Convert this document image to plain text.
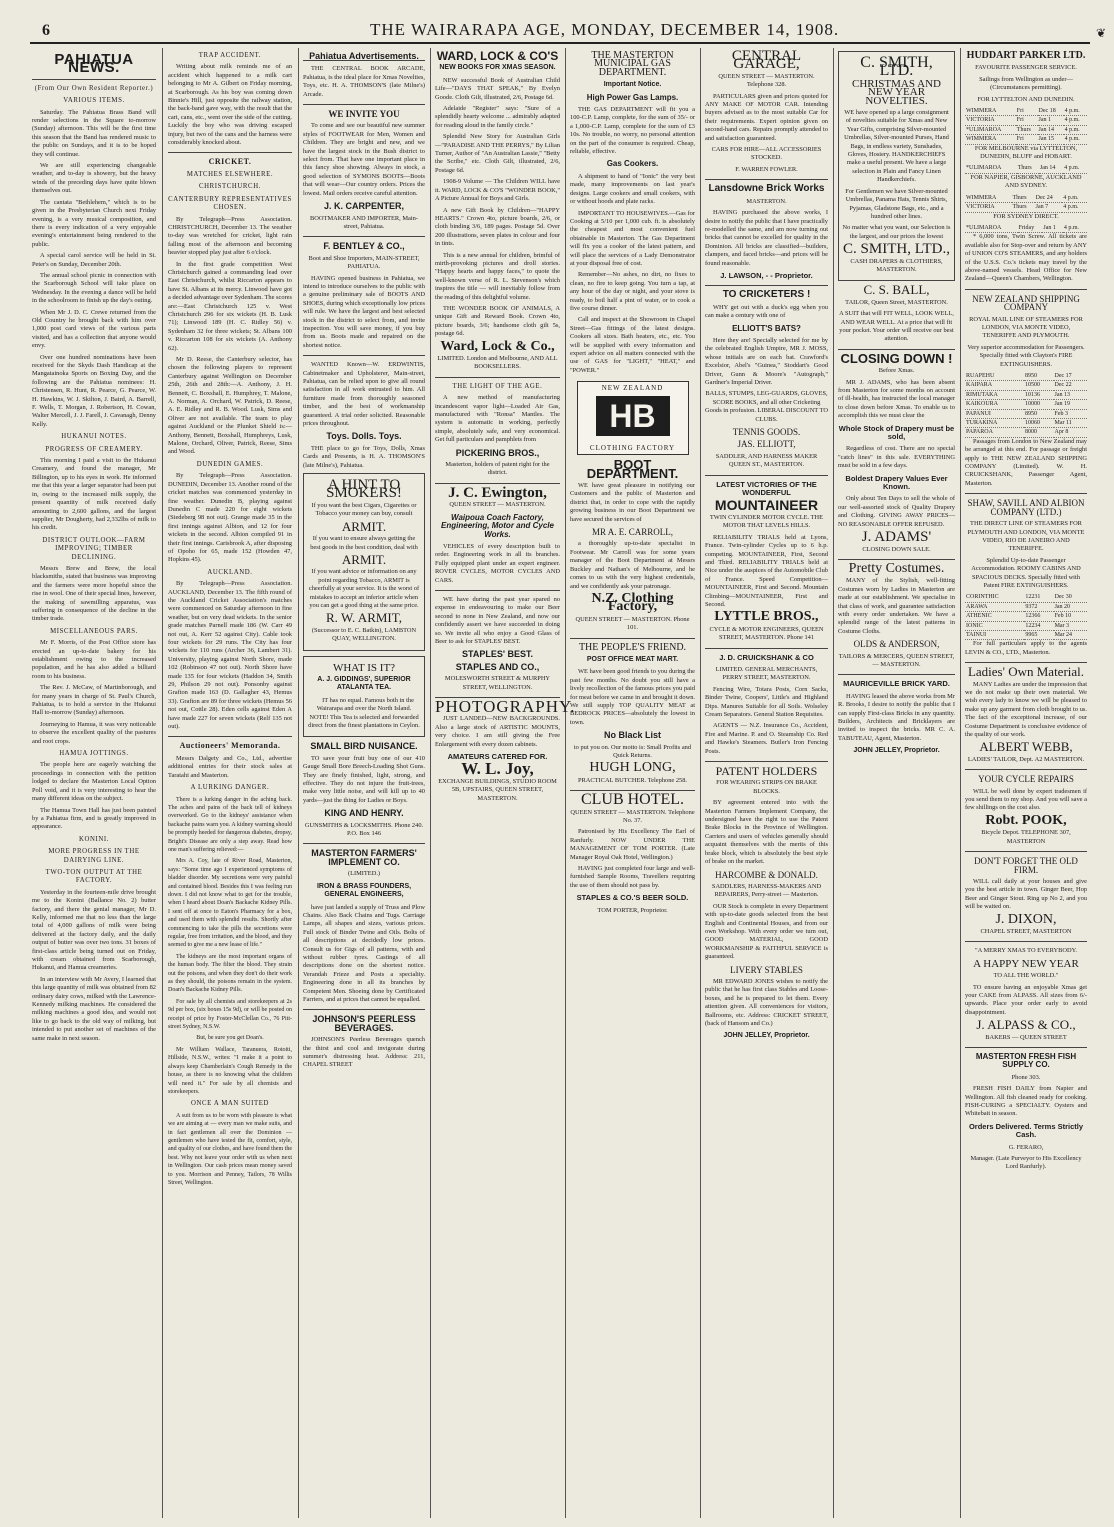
6	THE WAIRARAPA AGE, MONDAY, DECEMBER 14, 1908.	❦
PAHIATUA NEWS.
(From Our Own Resident Reporter.)
VARIOUS ITEMS.

Saturday. The Pahiatua Brass Band will render selections in the Square to-morrow (Sunday) afternoon. This will be the first time this season that the Band has rendered music to the public on Sundays, and it is to be hoped they will continue.

We are still experiencing changeable weather, and to-day is showery, but the heavy winds of the preceding days have quite blown themselves out.

The cantata "Bethlehem," which is to be given in the Presbyterian Church next Friday evening, is a very musical composition, and there is every indication of a very enjoyable evening's entertainment being rendered to the public.

A special carol service will be held in St. Peter's on Sunday, December 20th.

The annual school picnic in connection with the Scarborough School will take place on Wednesday. In the evening a dance will be held in the schoolroom to finish up the day's outing.

When Mr J. D. C. Crewe returned from the Old Country he brought back with him over 1,000 post card views of the various parts visited, and has a collection that anyone would envy.

Over one hundred nominations have been received for the Skyds Dash Handicap at the Mangatainoka Sports on Boxing Day, and the following are the Pahiatua nominees: H. Christensen, R. Hunt, R. Pearce, G. Pearce, W. H. Hawkins, W. J. Skilton, J. Baird, A. Barrell, F. Wells, T. Morgan, J. Robertson, H. Cowan, Walter Mercell, J. J. Farell, J. Cavanagh, Denny Kelly.

HUKANUI NOTES.
PROGRESS OF CREAMERY.

This morning I paid a visit to the Hukanui Creamery, and found the manager, Mr Billington, up to his eyes in work. He informed me that this year a larger separator had been put in, owing to the increased milk supply, the present quantity of milk received daily amounting to 2,600 gallons, and the largest supplier, Mr Dougherty, had 2,332lbs of milk to his credit.

DISTRICT OUTLOOK—FARM IMPROVING; TIMBER DECLINING.

Messrs Brew and Brew, the local blacksmiths, stated that business was improving and the farmers were more hopeful since the rise in wool. One of their special lines, however, the making of sawmilling apparatus, was suffering in consequence of the decline in the timber trade.

MISCELLANEOUS PARS.

Mr F. Morris, of the Post Office store has erected an up-to-date bakery for his establishment owing to the increased population, and he has also added a billiard room to his business.

The Rev. J. McCaw, of Martinborough, and for many years in charge of St. Paul's Church, Pahiatua, is to hold a service in the Hukanui Hall to-morrow (Sunday) afternoon.

Journeying to Hamua, it was very noticeable to observe the excellent quality of the pastures and root crops.

HAMUA JOTTINGS.

The people here are eagerly watching the proceedings in connection with the petition lodged to declare the Masterton Local Option Poll void, and it is very interesting to hear the many different ideas on the subject.

The Hamua Town Hall has just been painted by a Pahiatua firm, and is greatly improved in appearance.

KONINI.
MORE PROGRESS IN THE DAIRYING LINE.
TWO-TON OUTPUT AT THE FACTORY.

Yesterday in the fourteen-mile drive brought me to the Konini (Ballance No. 2) butter factory, and there the genial manager, Mr D. Kelly, informed me that no less than the large total of 4,000 gallons of milk were being delivered at the factory daily, and the daily output of butter was over two tons. 31 boxes of first-class article being turned out on Friday, with cream obtained from Scarborough, Hukanui, and Hamua creameries.

In an interview with Mr Avery, I learned that this large quantity of milk was obtained from 82 ordinary dairy cows, milked with the Lawrence-Kennedy milking machines. He considered the milking machines a good idea, and would not like to go back to the old way of milking, but intended to put another set of machines of the same make in next season.

TRAP ACCIDENT.

Writing about milk reminds me of an accident which happened to a milk cart belonging to Mr A. Gilbert on Friday morning, at Scarborough. As his boy was coming down Binnie's Hill, just opposite the railway station, the back-band gave way, with the result that the cart, cans, etc., went over the side of the cutting. Luckily the boy who was driving escaped injury, but two of the cans and the harness were considerably knocked about.

CRICKET.
MATCHES ELSEWHERE.
CHRISTCHURCH.
CANTERBURY REPRESENTATIVES CHOSEN.

By Telegraph—Press Association. CHRISTCHURCH, December 13. The weather to-day was wretched for cricket, light rain falling most of the afternoon and becoming heavier stopped play just after 6 o'clock.

In the first grade competition West Christchurch gained a commanding lead over East Christchurch, whilst Riccarton appears to have St. Albans at its mercy. Linwood have got a decided advantage over Sydenham. The scores are:—East Christchurch 125 v. West Christchurch 296 for six wickets (H. B. Lusk 71); Linwood 189 (H. C. Ridley 56) v. Sydenham 32 for three wickets; St. Albans 100 v. Riccarton 108 for six wickets (A. Anthony 62).

Mr D. Reese, the Canterbury selector, has chosen the following players to represent Canterbury against Wellington on December 25th, 26th and 28th:—A. Anthony, J. H. Bennett, C. Boxshall, E. Humphrey, T. Malone, A. Norman, A. Orchard, W. Patrick, D. Reese, A. E. Ridley and R. B. Wood. Lusk, Sims and Oliver are not available. The team to play against Auckland or the Plunket Shield is:—Anthony, Bennett, Boxshall, Humphreys, Lusk, Malone, Orchard, Oliver, Patrick, Reese, Sims and Wood.

DUNEDIN GAMES.

By Telegraph—Press Association. DUNEDIN, December 13. Another round of the cricket matches was commenced yesterday in fine weather. Dunedin B, playing against Dunedin C made 220 for eight wickets (Siedeberg 98 not out). Grange made 35 in the first innings against Albion, and 12 for four wickets in the second. Albion compiled 91 in their first innings. Carisbrook A, after disposing of Opoho for 65, made 152 (Howden 47, Hopkins 45).

AUCKLAND.

By Telegraph—Press Association. AUCKLAND, December 13. The fifth round of the Auckland Cricket Association's matches were commenced on Saturday afternoon in fine weather, but on very dead wickets. In the senior grade matches Parnell made 186 (W. Carr 49 not out, A. Kerr 52 against City). Cable took four wickets for 29 runs. The City has four wickets for 110 runs (Archer 36, Lambert 31). University, playing against North Shore, made 102 (Robinson 47 not out). North Shore have made 135 for four wickets (Haddon 34, Smith 29, Philson 29 not out). Ponsonby against Grafton made 163 (D. Gallagher 43, Hemus 33). Grafton are 89 for three wickets (Hemus 56 not out, Cottle 28). Eden cells against Eden A have made 227 for seven wickets (Relf 135 not out).

Auctioneers' Memoranda.

Messrs Dalgety and Co., Ltd., advertise additional entries for their stock sales at Taratahi and Masterton.

A LURKING DANGER.

There is a lurking danger in the aching back. The aches and pains of the back tell of kidneys overworked. Go to the kidneys' assistance when backache pains warn you. A kidney warning should be promptly heeded for dangerous diabetes, dropsy, Bright's Disease are only a step away. Read how one man's suffering relieved:—

Mrs A. Coy, late of River Road, Masterton, says: "Some time ago I experienced symptoms of bladder disorder. My secretions were very painful and contained blood. Besides this I was feeling run down. I did not know what to get for the trouble, when I heard about Doan's Backache Kidney Pills. I sent off at once to Eaton's Pharmacy for a box, and used them with splendid results. Shortly after commencing to take the pills the secretions were regular, free from irritation, and the blood, and they seemed to give me a new lease of life."

The kidneys are the most important organs of the human body. The filter the blood. They strain out the poisons, and when they don't do their work as they should, the poisons remain in the system. Doan's Backache Kidney Pills.

For sale by all chemists and storekeepers at 2s 9d per box, (six boxes 15s 9d), or will be posted on receipt of price by Foster-McClellan Co., 76 Pitt-street Sydney, N.S.W.

But, be sure you get Doan's.

Mr William Wallace, Taranuera, Rotoiti, Hillside, N.S.W., writes: "I make it a point to always keep Chamberlain's Cough Remedy in the house, as there is no knowing what the children will need it." For sale by all chemists and storekeepers.

ONCE A MAN SUITED

A suit from us to be worn with pleasure is what we are aiming at — every man we make suits, and in fact gentlemen all over the Dominion — gentlemen who have tested the fit, comfort, style, and quality of our clothes, and have found them the best. Why not leave your order with us when next in Wellington. Our cash prices mean money saved to you. Morrison and Penney, Tailors, 78 Willis Street, Wellington.

Pahiatua Advertisements.

THE CENTRAL BOOK ARCADE, Pahiatua, is the ideal place for Xmas Novelties, Toys, etc. H. A. THOMSON'S (late Milne's) Arcade.

WE INVITE YOU

To come and see our beautiful new summer styles of FOOTWEAR for Men, Women and Children. They are bright and new, and we have the largest stock in the Bush district to select from. That have one important place in this fancy shoe showing. Always in stock, a good selection of SYMONS BOOTS—Boots that will wear—Our country orders. Prices the lowest. Mail orders receive careful attention.

J. K. CARPENTER,

BOOTMAKER AND IMPORTER, Main-street, Pahiatua.

F. BENTLEY & CO.,

Boot and Shoe Importers, MAIN-STREET, PAHIATUA.

HAVING opened business in Pahiatua, we intend to introduce ourselves to the public with a genuine preliminary sale of BOOTS AND SHOES, during which exceptionally low prices will rule. We have the largest and best selected stock in the district to select from, and invite inspection. You will save money, if you buy from us. Boots made and repaired on the shortest notice.

WANTED Known—W. ERDWINTIS, Cabinetmaker and Upholsterer, Main-street, Pahiatua, can be relied upon to give all round satisfaction in all work entrusted to him. All furniture made from thoroughly seasoned timber, and the best of workmanship guaranteed. A trial order solicited. Reasonable prices throughout.

Toys. Dolls. Toys.

THE place to go for Toys, Dolls, Xmas Cards and Presents, is H. A. THOMSON'S (late Milne's), Pahiatua.

A HINT TO SMOKERS!

If you want the best Cigars, Cigarettes or Tobacco your money can buy, consult

ARMIT.

If you want to ensure always getting the best goods in the best condition, deal with

ARMIT.

If you want advice or information on any point regarding Tobacco, ARMIT is cheerfully at your service. It is the worst of mistakes to accept an inferior article when you can get a good thing at the same price.

R. W. ARMIT,

(Successor to E. C. Batkin), LAMBTON QUAY, WELLINGTON.

WHAT IS IT?
A. J. GIDDINGS', SUPERIOR ATALANTA TEA.

IT has no equal. Famous both in the Wairarapa and over the North Island. NOTE! This Tea is selected and forwarded direct from the finest plantations in Ceylon.

SMALL BIRD NUISANCE.

TO save your fruit buy one of our 410 Gauge Small Bore Breech-Loading Shot Guns. They are finely finished, light, strong, and effective. They do not injure the fruit-trees, make very little noise, and will kill up to 40 yards—just the thing for Ladies or Boys.

KING AND HENRY.

GUNSMITHS & LOCKSMITHS. Phone 240. P.O. Box 146

MASTERTON FARMERS' IMPLEMENT CO.

(LIMITED.)

IRON & BRASS FOUNDERS, GENERAL ENGINEERS,

have just landed a supply of Truss and Plow Chains. Also Back Chains and Tugs. Carriage Lamps, all shapes and sizes, various prices. Full stock of Binder Twine and Oils. Bolts of all descriptions at decidedly low prices. Consult us for Gigs of all patterns, with and without rubber tyres. Castings of all descriptions done on the shortest notice. Verandah Frieze and Posts a speciality. Engineering done in all its branches by Competent Men. Shoeing done by Certificated Farriers, and at prices that cannot be equalled.

JOHNSON'S PEERLESS BEVERAGES.

JOHNSON'S Peerless Beverages quench the thirst and cool and invigorate during summer's distressing heat. Address: 211, CHAPEL STREET

WARD, LOCK & CO'S
NEW BOOKS FOR XMAS SEASON.

NEW successful Book of Australian Child Life—"DAYS THAT SPEAK," By Evelyn Goode. Cloth Gilt, illustrated, 2/6, Postage 6d.

Adelaide "Register" says: "Sure of a splendidly hearty welcome ... admirably adapted for reading aloud in the family circle."

Splendid New Story for Australian Girls—"PARADISE AND THE PERRYS," By Lilian Turner, Author of "An Australian Lassie," "Betty the Scribe," etc. Cloth Gilt, illustrated, 2/6, Postage 6d.

1908-9 Volume — The Children WILL have it. WARD, LOCK & CO'S "WONDER BOOK," A Picture Annual for Boys and Girls.

A new Gift Book by Children—"HAPPY HEARTS." Crown 4to, picture boards, 2/6, or cloth binding 3/6, 189 pages. Postage 5d. Over 200 illustrations, seven plates in colour and four in tints.

This is a new annual for children, brimful of mirth-provoking pictures and droll stories. "Happy hearts and happy faces," to quote the well-known verse of R. L. Stevenson's which inspires the title — will inevitably follow from the reading of this delightful volume.

THE WONDER BOOK OF ANIMALS, A unique Gift and Reward Book. Crown 4to, picture boards, 3/6; handsome cloth gilt 5s, postage 6d.

Ward, Lock & Co.,

LIMITED. London and Melbourne, AND ALL BOOKSELLERS.

THE LIGHT OF THE AGE.

A new method of manufacturing incandescent vapor light—Loaded Air Gas, manufactured with "Ronsa" Mantles. The system is automatic in working, perfectly simple, absolutely safe, and very economical. Get full particulars and pamphlets from

PICKERING BROS.,

Masterton, holders of patent right for the district.

J. C. Ewington,

QUEEN STREET — MASTERTON.

Waipoua Coach Factory, Engineering, Motor and Cycle Works.

VEHICLES of every description built to order. Engineering work in all its branches. Fully equipped plant under an expert engineer. ROVER CYCLES, MOTOR CYCLES AND CARS.

WE have during the past year spared no expense in endeavouring to make our Beer second to none in New Zealand, and now our confidently assert we have succeeded in doing so. We invite all who enjoy a Good Glass of Beer to ask for STAPLES' BEST.

STAPLES' BEST.
STAPLES AND CO.,

MOLESWORTH STREET & MURPHY STREET, WELLINGTON.

PHOTOGRAPHY.

JUST LANDED—NEW BACKGROUNDS. Also a large stock of ARTISTIC MOUNTS, very choice. I am still giving the Free Enlargement with every dozen cabinets.

AMATEURS CATERED FOR.
W. L. Joy,

EXCHANGE BUILDINGS, STUDIO ROOM 5B, UPSTAIRS, QUEEN STREET, MASTERTON.

THE MASTERTON MUNICIPAL GAS DEPARTMENT.
Important Notice.
High Power Gas Lamps.

THE GAS DEPARTMENT will fit you a 100-C.P. Lamp, complete, for the sum of 35/- or a 1,000-C.P. Lamp, complete for the sum of £3 10s. No trouble, no worry, no personal attention on the part of the consumer is required. Cheap, reliable, effective.

Gas Cookers.

A shipment to hand of "Ionic" the very best made, many improvements on last year's designs. Large cookers and small cookers, with or without hoods and plate racks.

IMPORTANT TO HOUSEWIVES.—Gas for Cooking at 5/10 per 1,000 cub. ft. is absolutely the cheapest and most convenient fuel obtainable in Masterton. The Gas Department will fix you a cooker of the latest pattern, and will place the services of a Lady Demonstrator at your disposal free of cost.

Remember—No ashes, no dirt, no fixes to clean, no fire to keep going. You turn a tap, at any hour of the day or night, and your stove is ready, to boil half a pint of water, or to cook a five course dinner.

Call and inspect at the Showroom in Chapel Street—Gas fittings of the latest designs. Cookers all sizes. Bath heaters, etc., etc. You will be supplied with every information and expert advice on all matters connected with the use of GAS for "LIGHT," "HEAT," and "POWER."

NEW ZEALAND
HB
CLOTHING FACTORY
BOOT DEPARTMENT.

WE have great pleasure in notifying our Customers and the public of Masterton and district that, in order to cope with the rapidly growing business in our Boot Department we have secured the services of

MR A. E. CARROLL,

a thoroughly up-to-date specialist in Footwear. Mr Carroll was for some years manager of the Boot Department at Messrs Buckley and Nathan's of Melbourne, and he comes to us with the very highest credentials, and we confidently ask your patronage.

N.Z. Clothing Factory,

QUEEN STREET — MASTERTON. Phone 101.

THE PEOPLE'S FRIEND.
POST OFFICE MEAT MART.

WE have been good friends to you during the past few months. No doubt you still have a lively recollection of the famous prices you paid for meat before we came in and brought it down. We still supply TOP QUALITY MEAT at BEDROCK PRICES—absolutely the lowest in town.

No Black List

to put you on. Our motto is: Small Profits and Quick Returns.

HUGH LONG,

PRACTICAL BUTCHER. Telephone 258.

CLUB HOTEL.

QUEEN STREET — MASTERTON. Telephone No. 37.

Patronised by His Excellency The Earl of Ranfurly. NOW UNDER THE MANAGEMENT OF TOM PORTER. (Late Manager Royal Oak Hotel, Wellington.)

HAVING just completed four large and well-furnished Sample Rooms, Travellers requiring the use of them should not pass by.

STAPLES & CO.'S BEER SOLD.

TOM PORTER, Proprietor.

CENTRAL GARAGE,

QUEEN STREET — MASTERTON. Telephone 328.

PARTICULARS given and prices quoted for ANY MAKE OF MOTOR CAR. Intending buyers advised as to the most suitable Car for their requirements. Expert opinion given on second-hand cars. Repairs promptly attended to and satisfaction guaranteed.

CARS FOR HIRE—ALL ACCESSORIES STOCKED.

F. WARREN FOWLER.

Lansdowne Brick Works

MASTERTON.

HAVING purchased the above works, I desire to notify the public that I have practically re-modelled the same, and am now turning out bricks that cannot be excelled for quality in the Dominion. All bricks are classified—builders, clampers, and faced bricks—and prices will be found reasonable.

J. LAWSON, - - Proprietor.
TO CRICKETERS !

WHY get out with a duck's egg when you can make a century with one of

ELLIOTT'S BATS?

Here they are! Specially selected for me by the celebrated English Umpire, MR J. MOSS, whose initials are on each bat. Crawford's Excelsior, Abel's "Guinea," Stoddart's Good Driver, Gunn & Moore's "Autograph," Gardner's Imperial Driver.

BALLS, STUMPS, LEG-GUARDS, GLOVES, SCORE BOOKS, and all other Cricketing Goods in profusion. LIBERAL DISCOUNT TO CLUBS.

TENNIS GOODS.
JAS. ELLIOTT,

SADDLER, AND HARNESS MAKER QUEEN ST., MASTERTON.

LATEST VICTORIES OF THE WONDERFUL
MOUNTAINEER

TWIN CYLINDER MOTOR CYCLE. THE MOTOR THAT LEVELS HILLS.

RELIABILITY TRIALS held at Lyons, France. Twin-cylinder Cycles up to 6 h.p. competing. MOUNTAINEER, First, Second and Third. RELIABILITY TRIALS held at Nice under the auspices of the Automobile Club of France. Speed Competition—MOUNTAINEER, First and Second. Mountain Climbing—MOUNTAINEER, First and Second.

LYTTLE BROS.,

CYCLE & MOTOR ENGINEERS, QUEEN STREET, MASTERTON. Phone 141

J. D. CRUICKSHANK & CO

LIMITED. GENERAL MERCHANTS, PERRY STREET, MASTERTON.

Fencing Wire, Totara Posts, Corn Sacks, Binder Twine, Coopers', Little's and Highland Dips. Manures Suitable for all Soils. Wolseley Cream Separators. General Station Requisites.

AGENTS — N.Z. Insurance Co., Accident, Fire and Marine. P. and O. Steamship Co. Red and Hawke's Steamers. Butler's Iron Fencing Posts.

PATENT HOLDERS

FOR WEARING STRIPS ON BRAKE BLOCKS.

BY agreement entered into with the Masterton Farmers Implement Company, the undersigned have the right to use the Patent Brake Blocks in the Province of Wellington. Carriers and users of vehicles generally should acquaint themselves with the merits of this brake block, which is absolutely the best style of brake on the market.

HARCOMBE & DONALD.

SADDLERS, HARNESS-MAKERS AND REPAIRERS, Perry-street — Masterton.

OUR Stock is complete in every Department with up-to-date goods selected from the best English and Continental Houses, and from our own Workshop. With every order we turn out, GOOD MATERIAL, GOOD WORKMANSHIP & FAITHFUL SERVICE is guaranteed.

LIVERY STABLES

MR EDWARD JONES wishes to notify the public that he has first class Stables and Loose-boxes, and he is prepared to let them. Every attention given. All conveniences for visitors, Ballrooms, etc. Address: CRICKET STREET, (back of Hansom and Co.)

JOHN JELLEY, Proprietor.
C. SMITH, LTD.
CHRISTMAS AND NEW YEAR NOVELTIES.

WE have opened up a large consignment of novelties suitable for Xmas and New Year Gifts, comprising Silver-mounted Umbrellas, Silver-mounted Purses, Hand Bags, in endless variety, Sunshades, Gloves, Hosiery. HANDKERCHIEFS make a useful present. We have a large selection in Plain and Fancy Linen Handkerchiefs.

For Gentlemen we have Silver-mounted Umbrellas, Panama Hats, Tennis Shirts, Pyjamas, Gladstone Bags, etc., and a hundred other lines.

No matter what you want, our Selection is the largest, and our prices the lowest

C. SMITH, LTD.,

CASH DRAPERS & CLOTHIERS, MASTERTON.

C. S. BALL,

TAILOR, Queen Street, MASTERTON.

A SUIT that will FIT WELL, LOOK WELL, AND WEAR WELL. At a price that will fit your pocket. Your order will receive our best attention.

CLOSING DOWN !

Before Xmas.

MR J. ADAMS, who has been absent from Masterton for some months on account of ill-health, has instructed the local manager to close down before Xmas. To enable us to accomplish this we must clear the

Whole Stock of Drapery must be sold,

Regardless of cost. There are no special "catch lines" in this sale. EVERYTHING must be sold in a few days.

Boldest Drapery Values Ever Known.

Only about Ten Days to sell the whole of our well-assorted stock of Quality Drapery and Clothing. GIVING AWAY PRICES—NO REASONABLE OFFER REFUSED.

J. ADAMS'

CLOSING DOWN SALE.

Pretty Costumes.

MANY of the Stylish, well-fitting Costumes worn by Ladies in Masterton are made at our establishment. We specialise in that class of work, and guarantee satisfaction with every order undertaken. We have a splendid range of the latest patterns in Costume Cloths.

OLDS & ANDERSON,

TAILORS & MERCERS, QUEEN STREET, — MASTERTON.

MAURICEVILLE BRICK YARD.

HAVING leased the above works from Mr R. Brooks, I desire to notify the public that I can supply First-class Bricks in any quantity. Builders, Architects and Bricklayers are invited to inspect the bricks. MR C. A. TABUTEAU, Agent, Masterton.

JOHN JELLEY, Proprietor.
HUDDART PARKER LTD.

FAVOURITE PASSENGER SERVICE.

Sailings from Wellington as under—(Circumstances permitting).

FOR LYTTELTON AND DUNEDIN.

WIMMERA	Fri	Dec 18	4 p.m.
VICTORIA	Fri	Jan 1	4 p.m.
*ULIMAROA	Thurs	Jan 14	4 p.m.
WIMMERA	Fri	Jan 15	4 p.m.

FOR MELBOURNE via LYTTELTON, DUNEDIN, BLUFF and HOBART.

*ULIMAROA	Thurs	Jan 14	4 p.m.

FOR NAPIER, GISBORNE, AUCKLAND AND SYDNEY.

WIMMERA	Thurs	Dec 24	4 p.m.
VICTORIA	Thurs	Jan 7	4 p.m.

FOR SYDNEY DIRECT.

*ULIMAROA	Friday	Jan 1	4 p.m.

* 6,000 tons, Twin Screw. All tickets are available also for Stop-over and return by ANY of UNION CO'S STEAMERS, and any holders of the U.S.S. Co.'s tickets may travel by the above-named vessels. Head Office for New Zealand—Queen's Chambers, Wellington.

NEW ZEALAND SHIPPING COMPANY

ROYAL MAIL LINE OF STEAMERS FOR LONDON, VIA MONTE VIDEO, TENERIFFE AND PLYMOUTH.

Very superior accommodation for Passengers. Specially fitted with Clayton's FIRE EXTINGUISHERS.

RUAPEHU	8950	Dec 17
KAIPARA	10500	Dec 22
RIMUTAKA	10136	Jan 13
KAIKOURA	10000	Jan 19
PAPANUI	8950	Feb 3
TURAKINA	10060	Mar 11
PAPAROA	8000	Apr 8

Passages from London to New Zealand may be arranged at this end. For passage or freight apply to THE NEW ZEALAND SHIPPING COMPANY (Limited). W. H. CRUICKSHANK, Passenger Agent, Masterton.

SHAW, SAVILL AND ALBION COMPANY (LTD.)

THE DIRECT LINE OF STEAMERS FOR PLYMOUTH AND LONDON, VIA MONTE VIDEO, RIO DE JANEIRO AND TENERIFFE.

Splendid Up-to-date Passenger Accommodation. ROOMY CABINS AND SPACIOUS DECKS. Specially fitted with Patent FIRE EXTINGUISHERS.

CORINTHIC	12231	Dec 30
ARAWA	9372	Jan 20
ATHENIC	12366	Feb 10
IONIC	12234	Mar 3
TAINUI	9965	Mar 24

For full particulars apply to the agents LEVIN & CO., LTD., Masterton.

Ladies' Own Material.

MANY Ladies are under the impression that we do not make up their own material. We wish every lady to know we will be pleased to make up any garment from cloth brought to us. The fact of the exceptional increase, of our Costume Department is conclusive evidence of the quality of our work.

ALBERT WEBB,

LADIES' TAILOR, Dept. A2 MASTERTON.

YOUR CYCLE REPAIRS

WILL be well done by expert tradesmen if you send them to my shop. And you will save a few shillings on the cost also.

Robt. POOK,

Bicycle Depot. TELEPHONE 307, MASTERTON

DON'T FORGET THE OLD FIRM.

WILL call daily at your houses and give you the best article in town. Ginger Beer, Hop Beer and Ginger Stout. Ring up No 2, and you will be waited on.

J. DIXON,

CHAPEL STREET, MASTERTON

"A MERRY XMAS TO EVERYBODY.

A HAPPY NEW YEAR

TO ALL THE WORLD."

TO ensure having an enjoyable Xmas get your CAKE from ALPASS. All sizes from 6/- upwards. Place your order early to avoid disappointment.

J. ALPASS & CO.,

BAKERS — QUEEN STREET

MASTERTON FRESH FISH SUPPLY CO.

Phone 303.

FRESH FISH DAILY from Napier and Wellington. All fish cleaned ready for cooking. FISH-CURING a SPECIALTY. Oysters and Whitebait in season.

Orders Delivered. Terms Strictly Cash.

G. FERARO,

Manager. (Late Purveyor to His Excellency Lord Ranfurly).
